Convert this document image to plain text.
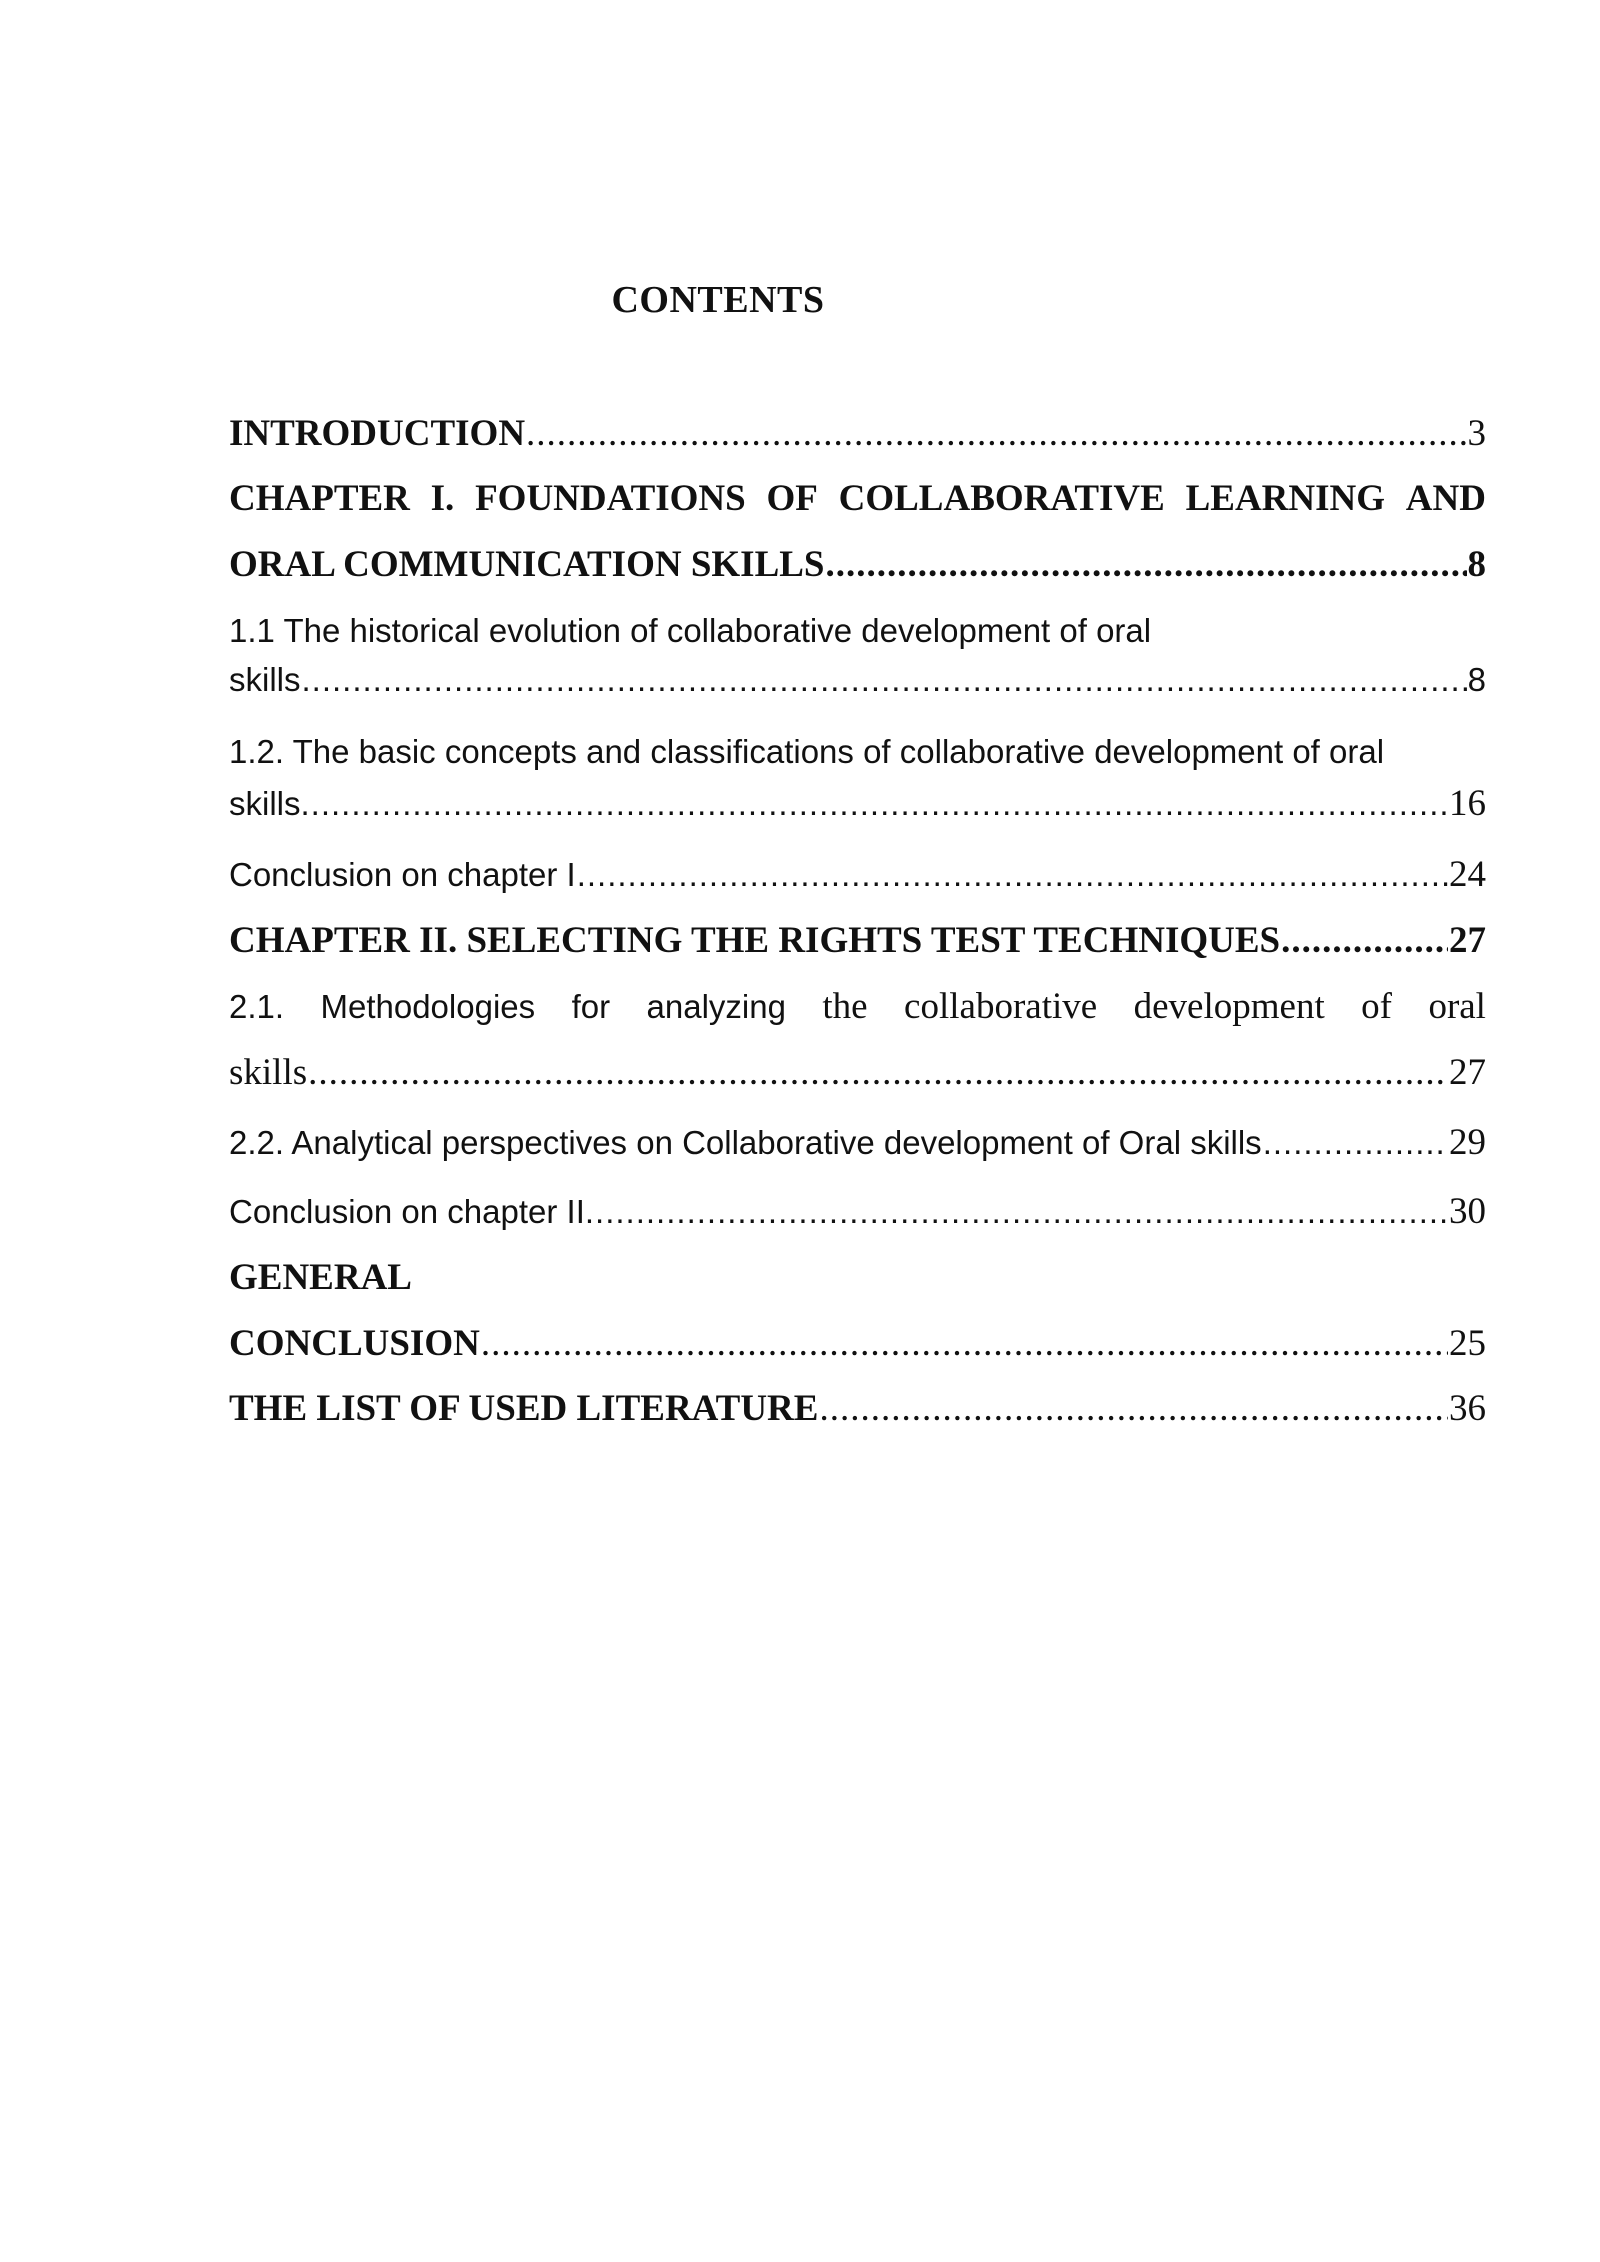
CONTENTS
INTRODUCTION .....	3
CHAPTER I. FOUNDATIONS OF COLLABORATIVE LEARNING AND
ORAL COMMUNICATION SKILLS .....	8
1.1 The historical evolution of collaborative development of oral
skills .....	8
1.2. The basic concepts and classifications of collaborative development of oral
skills. .....	16
Conclusion on chapter I .....	24
CHAPTER II. SELECTING THE RIGHTS TEST TECHNIQUES .....	27
2.1. Methodologies for analyzing the collaborative development of oral
skills .....	27
2.2. Analytical perspectives on Collaborative development of Oral skills .....	29
Conclusion on chapter II. .....	30
GENERAL
CONCLUSION .....	25
THE LIST OF USED LITERATURE .....	36
